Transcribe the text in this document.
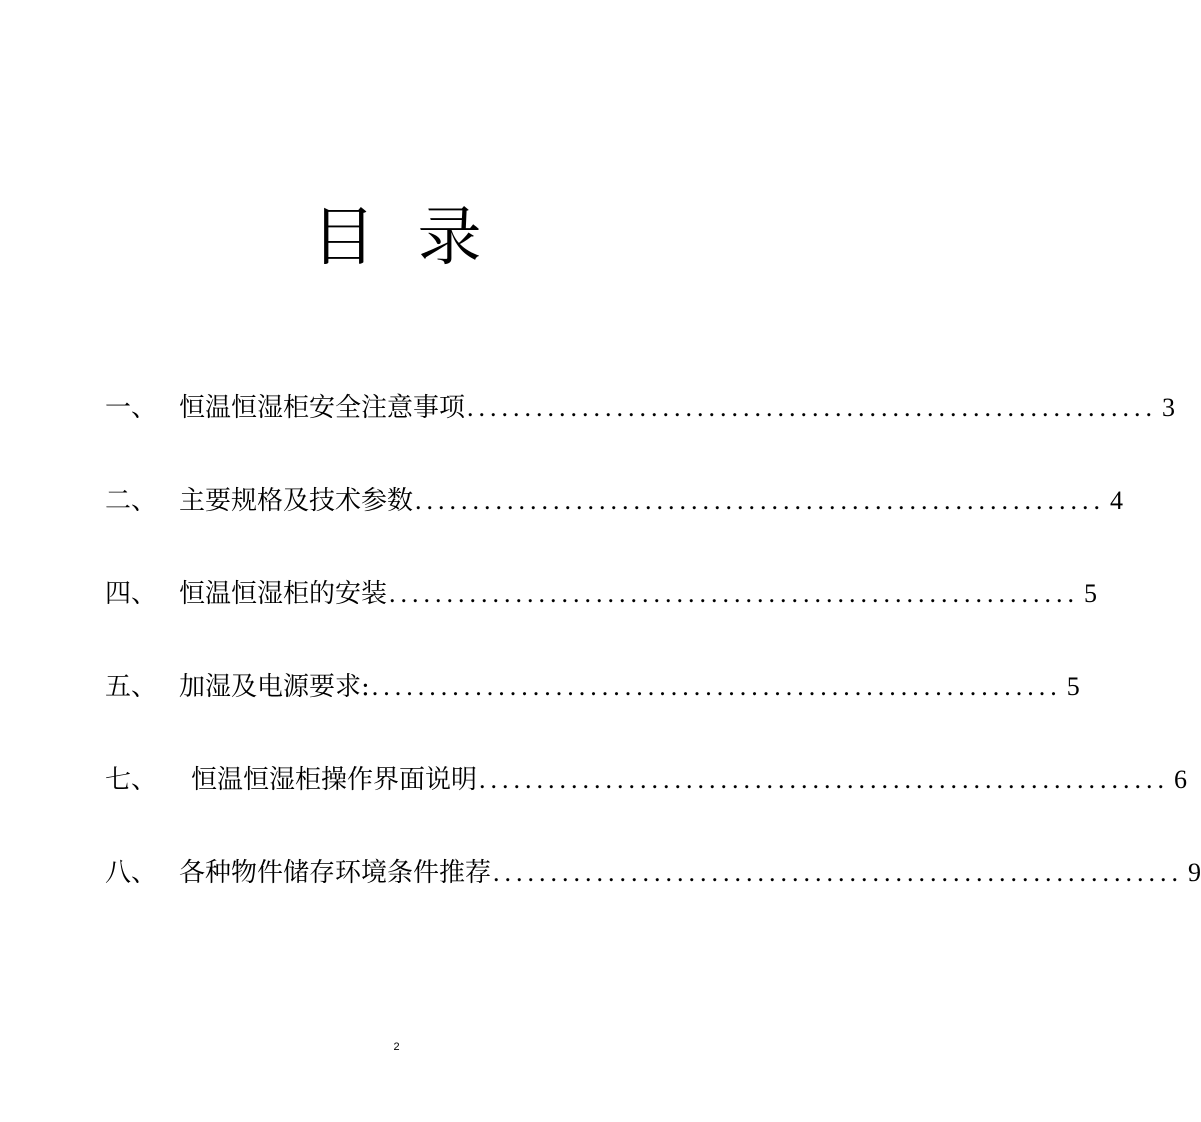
目 录
一、 恒温恒湿柜安全注意事项 ............................................................ 3
二、 主要规格及技术参数 ............................................................ 4
四、 恒温恒湿柜的安装 ............................................................ 5
五、 加湿及电源要求: ............................................................ 5
七、	恒温恒湿柜操作界面说明 ............................................................ 6
八、 各种物件储存环境条件推荐 ............................................................ 9
2
